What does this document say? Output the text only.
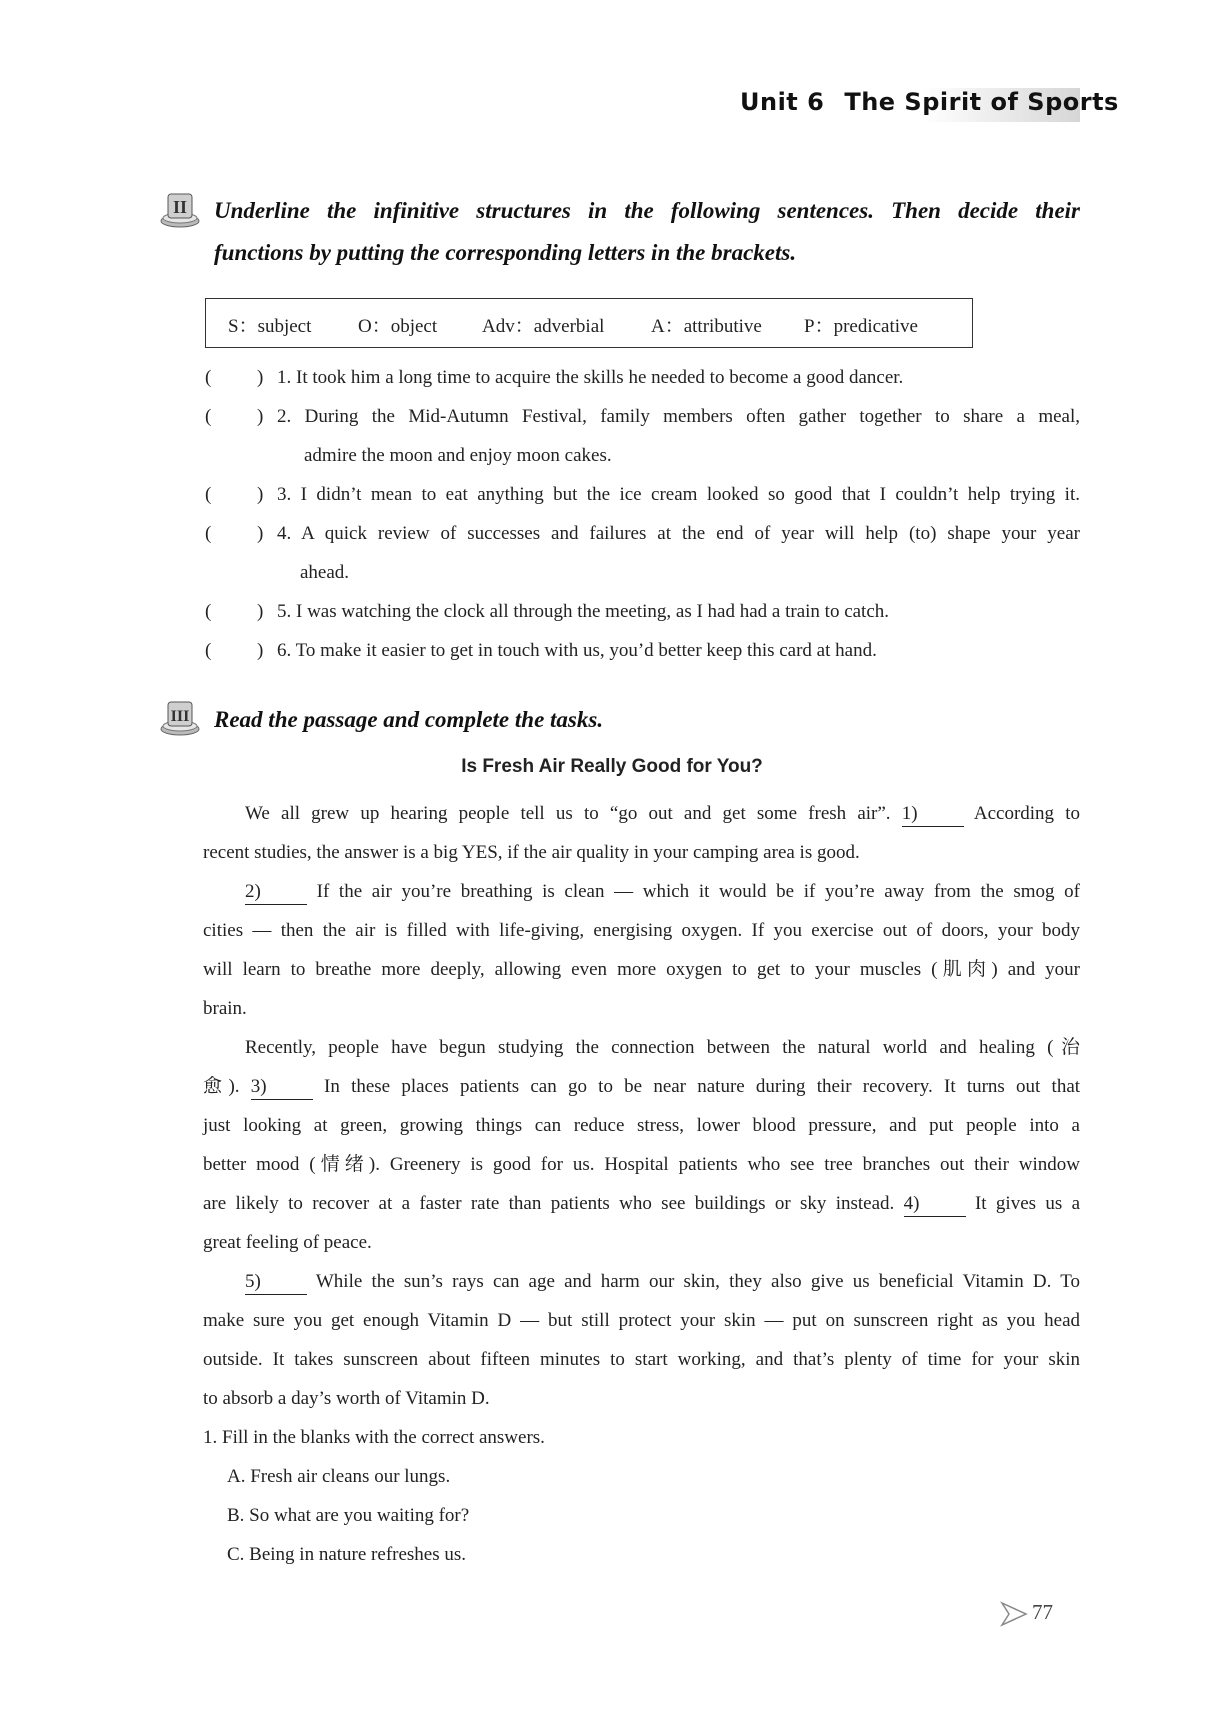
Unit 6 The Spirit of Sports
II Underline the infinitive structures in the following sentences. Then decide their
functions by putting the corresponding letters in the brackets.
S：subject O：object Adv：adverbial A：attributive P：predicative
( ) 1. It took him a long time to acquire the skills he needed to become a good dancer.
( ) 2. During the Mid-Autumn Festival, family members often gather together to share a meal,
admire the moon and enjoy moon cakes.
( ) 3. I didn’t mean to eat anything but the ice cream looked so good that I couldn’t help trying it.
( ) 4. A quick review of successes and failures at the end of year will help (to) shape your year
ahead.
( ) 5. I was watching the clock all through the meeting, as I had had a train to catch.
( ) 6. To make it easier to get in touch with us, you’d better keep this card at hand.
III Read the passage and complete the tasks.
Is Fresh Air Really Good for You?
We all grew up hearing people tell us to “go out and get some fresh air”. 1)	According to
recent studies, the answer is a big YES, if the air quality in your camping area is good.
2)	If the air you’re breathing is clean — which it would be if you’re away from the smog of
cities — then the air is filled with life-giving, energising oxygen. If you exercise out of doors, your body
will learn to breathe more deeply, allowing even more oxygen to get to your muscles (肌肉) and your
brain.
Recently, people have begun studying the connection between the natural world and healing (治
愈). 3)	In these places patients can go to be near nature during their recovery. It turns out that
just looking at green, growing things can reduce stress, lower blood pressure, and put people into a
better mood (情绪). Greenery is good for us. Hospital patients who see tree branches out their window
are likely to recover at a faster rate than patients who see buildings or sky instead. 4)	It gives us a
great feeling of peace.
5)	While the sun’s rays can age and harm our skin, they also give us beneficial Vitamin D. To
make sure you get enough Vitamin D — but still protect your skin — put on sunscreen right as you head
outside. It takes sunscreen about fifteen minutes to start working, and that’s plenty of time for your skin
to absorb a day’s worth of Vitamin D.
1. Fill in the blanks with the correct answers.
A. Fresh air cleans our lungs.
B. So what are you waiting for?
C. Being in nature refreshes us.
77
